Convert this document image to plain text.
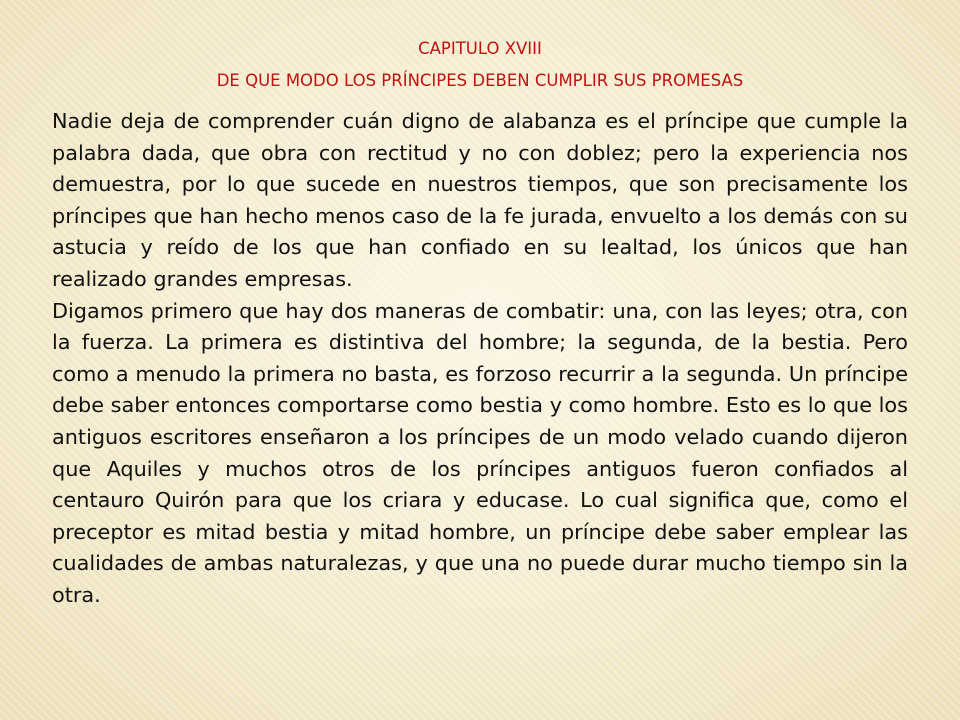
CAPITULO XVIII
DE QUE MODO LOS PRÍNCIPES DEBEN CUMPLIR SUS PROMESAS

Nadie deja de comprender cuán digno de alabanza es el príncipe que cumple la palabra dada, que obra con rectitud y no con doblez; pero la experiencia nos demuestra, por lo que sucede en nuestros tiempos, que son precisamente los príncipes que han hecho menos caso de la fe jurada, envuelto a los demás con su astucia y reído de los que han confiado en su lealtad, los únicos que han realizado grandes empresas.

Digamos primero que hay dos maneras de combatir: una, con las leyes; otra, con la fuerza. La primera es distintiva del hombre; la segunda, de la bestia. Pero como a menudo la primera no basta, es forzoso recurrir a la segunda. Un príncipe debe saber entonces comportarse como bestia y como hombre. Esto es lo que los antiguos escritores enseñaron a los príncipes de un modo velado cuando dijeron que Aquiles y muchos otros de los príncipes antiguos fueron confiados al centauro Quirón para que los criara y educase. Lo cual significa que, como el preceptor es mitad bestia y mitad hombre, un príncipe debe saber emplear las cualidades de ambas naturalezas, y que una no puede durar mucho tiempo sin la otra.
